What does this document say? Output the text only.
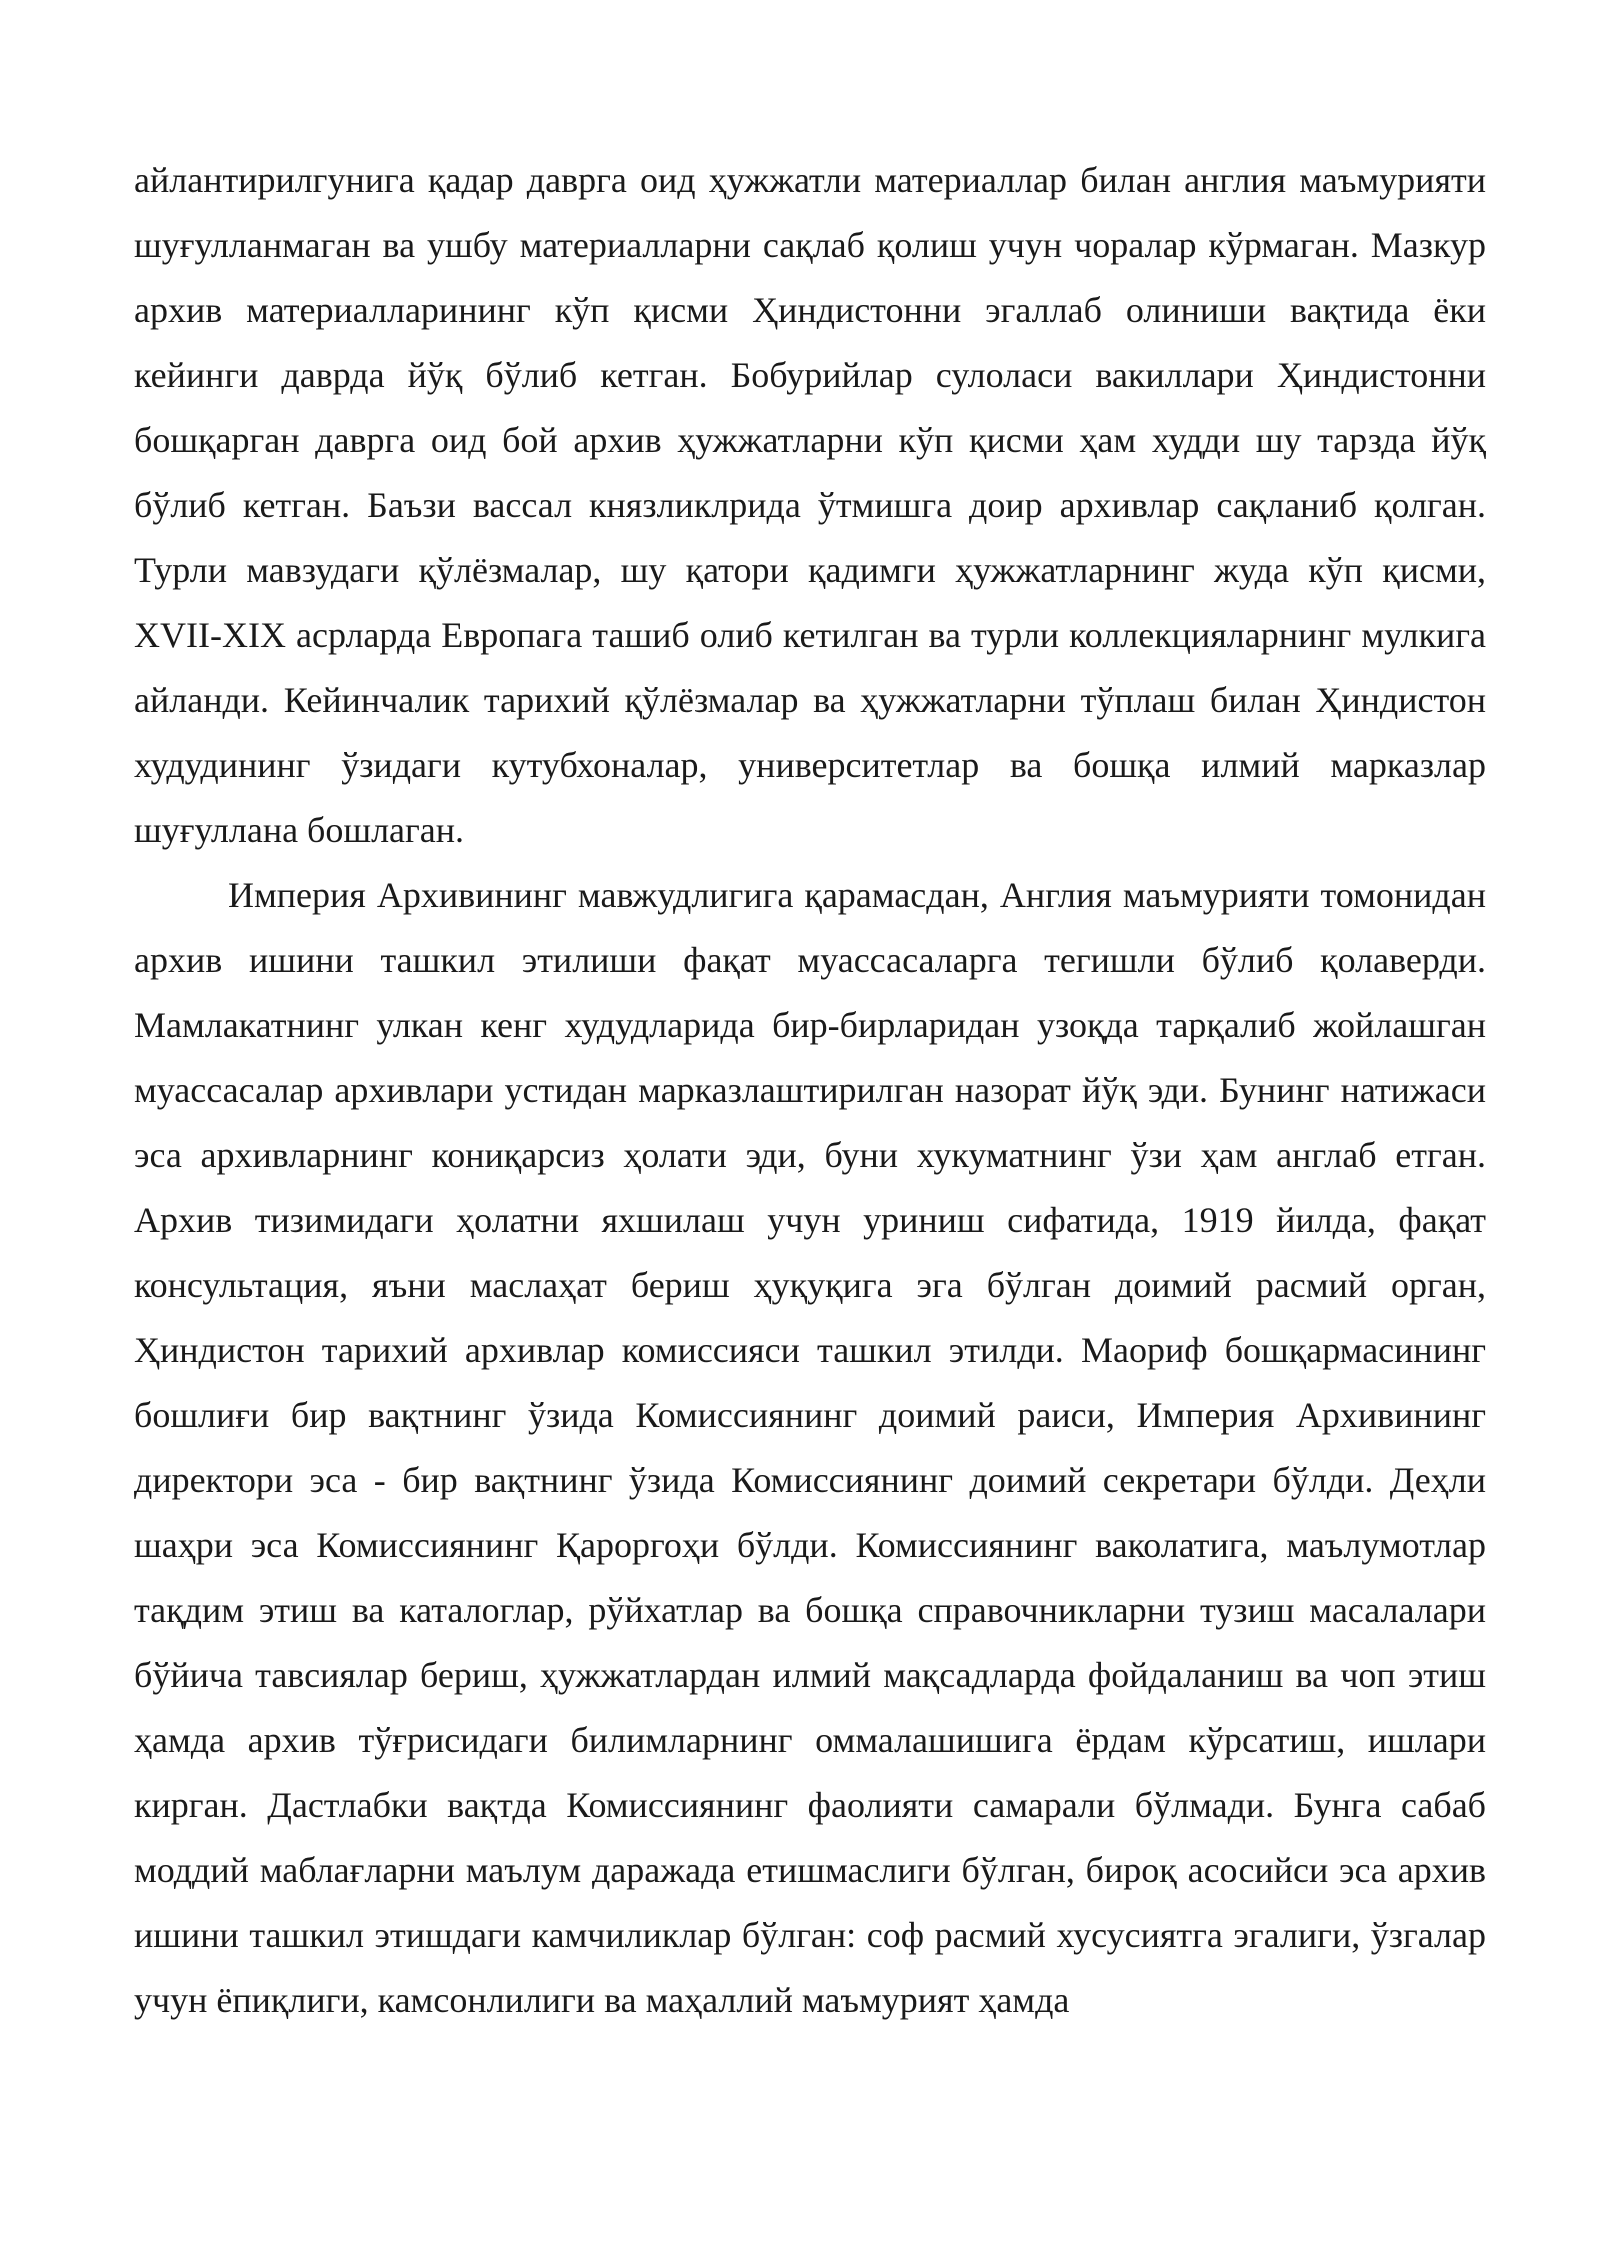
айлантирилгунига қадар даврга оид ҳужжатли материаллар билан англия маъмурияти шуғулланмаган ва ушбу материалларни сақлаб қолиш учун чоралар кўрмаган. Мазкур архив материалларининг кўп қисми Ҳиндистонни эгаллаб олиниши вақтида ёки кейинги даврда йўқ бўлиб кетган. Бобурийлар сулоласи вакиллари Ҳиндистонни бошқарган даврга оид бой архив ҳужжатларни кўп қисми ҳам худди шу тарзда йўқ бўлиб кетган. Баъзи вассал князликлрида ўтмишга доир архивлар сақланиб қолган. Турли мавзудаги қўлёзмалар, шу қатори қадимги ҳужжатларнинг жуда кўп қисми, XVII-XIX асрларда Европага ташиб олиб кетилган ва турли коллекцияларнинг мулкига айланди. Кейинчалик тарихий қўлёзмалар ва ҳужжатларни тўплаш билан Ҳиндистон худудининг ўзидаги кутубхоналар, университетлар ва бошқа илмий марказлар шуғуллана бошлаган.

Империя Архивининг мавжудлигига қарамасдан, Англия маъмурияти томонидан архив ишини ташкил этилиши фақат муассасаларга тегишли бўлиб қолаверди. Мамлакатнинг улкан кенг худудларида бир-бирларидан узоқда тарқалиб жойлашган муассасалар архивлари устидан марказлаштирилган назорат йўқ эди. Бунинг натижаси эса архивларнинг кониқарсиз ҳолати эди, буни хукуматнинг ўзи ҳам англаб етган. Архив тизимидаги ҳолатни яхшилаш учун уриниш сифатида, 1919 йилда, фақат консультация, яъни маслаҳат бериш ҳуқуқига эга бўлган доимий расмий орган, Ҳиндистон тарихий архивлар комиссияси ташкил этилди. Маориф бошқармасининг бошлиғи бир вақтнинг ўзида Комиссиянинг доимий раиси, Империя Архивининг директори эса - бир вақтнинг ўзида Комиссиянинг доимий секретари бўлди. Деҳли шаҳри эса Комиссиянинг Қароргоҳи бўлди. Комиссиянинг ваколатига, маълумотлар тақдим этиш ва каталоглар, рўйхатлар ва бошқа справочникларни тузиш масалалари бўйича тавсиялар бериш, ҳужжатлардан илмий мақсадларда фойдаланиш ва чоп этиш ҳамда архив тўғрисидаги билимларнинг оммалашишига ёрдам кўрсатиш, ишлари кирган. Дастлабки вақтда Комиссиянинг фаолияти самарали бўлмади. Бунга сабаб моддий маблағларни маълум даражада етишмаслиги бўлган, бироқ асосийси эса архив ишини ташкил этишдаги камчиликлар бўлган: соф расмий хусусиятга эгалиги, ўзгалар учун ёпиқлиги, камсонлилиги ва маҳаллий маъмурият ҳамда
